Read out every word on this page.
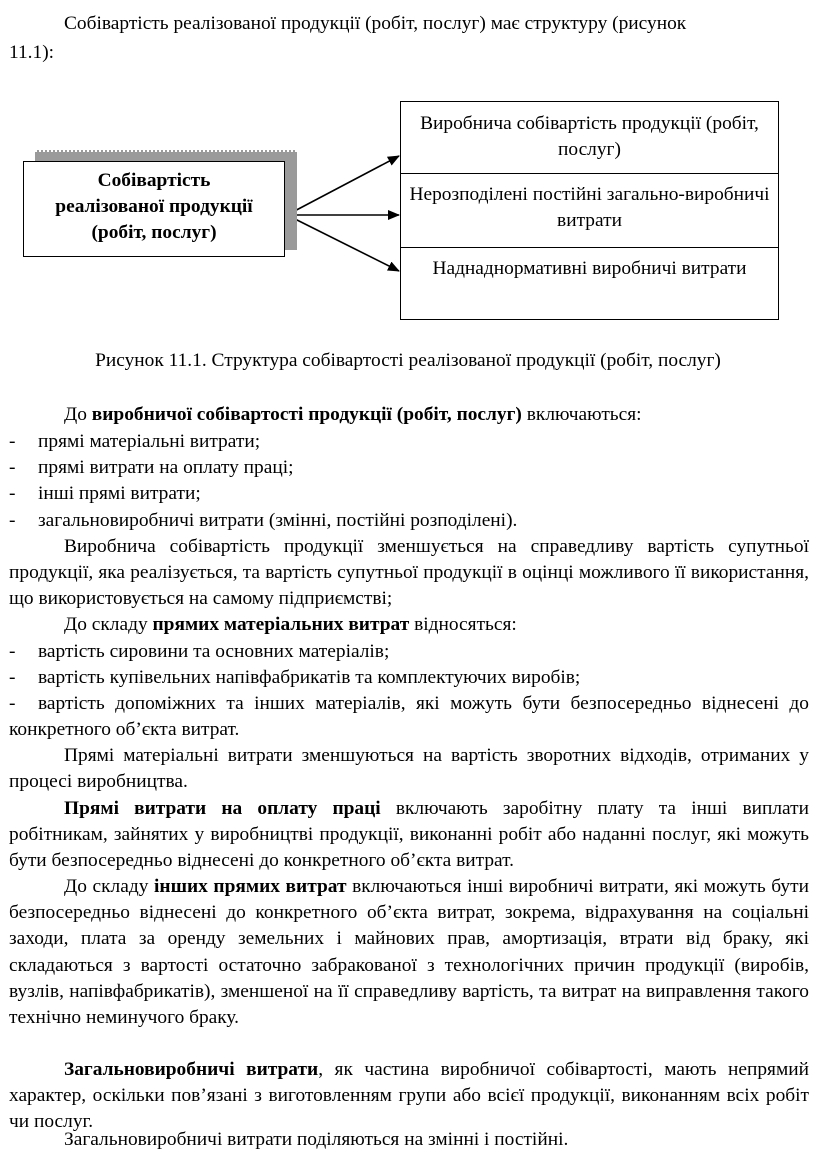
Собівартість реалізованої продукції (робіт, послуг) має структуру (рисунок

11.1):

Собівартість реалізованої продукції (робіт, послуг)
Виробнича собівартість продукції (робіт, послуг)
Нерозподілені постійні загально-виробничі витрати
Наднаднормативні виробничі витрати
Рисунок 11.1. Структура собівартості реалізованої продукції (робіт, послуг)

До виробничої собівартості продукції (робіт, послуг) включаються:

- прямі матеріальні витрати;
- прямі витрати на оплату праці;
- інші прямі витрати;
- загальновиробничі витрати (змінні, постійні розподілені).

Виробнича собівартість продукції зменшується на справедливу вартість супутньої продукції, яка реалізується, та вартість супутньої продукції в оцінці можливого її використання, що використовується на самому підприємстві;

До складу прямих матеріальних витрат відносяться:

- вартість сировини та основних матеріалів;
- вартість купівельних напівфабрикатів та комплектуючих виробів;

- вартість допоміжних та інших матеріалів, які можуть бути безпосередньо віднесені до конкретного об’єкта витрат.

Прямі матеріальні витрати зменшуються на вартість зворотних відходів, отриманих у процесі виробництва.

Прямі витрати на оплату праці включають заробітну плату та інші виплати робітникам, зайнятих у виробництві продукції, виконанні робіт або наданні послуг, які можуть бути безпосередньо віднесені до конкретного об’єкта витрат.

До складу інших прямих витрат включаються інші виробничі витрати, які можуть бути безпосередньо віднесені до конкретного об’єкта витрат, зокрема, відрахування на соціальні заходи, плата за оренду земельних і майнових прав, амортизація, втрати від браку, які складаються з вартості остаточно забракованої з технологічних причин продукції (виробів, вузлів, напівфабрикатів), зменшеної на її справедливу вартість, та витрат на виправлення такого технічно неминучого браку.

Загальновиробничі витрати, як частина виробничої собівартості, мають непрямий характер, оскільки пов’язані з виготовленням групи або всієї продукції, виконанням всіх робіт чи послуг.

Загальновиробничі витрати поділяються на змінні і постійні.
